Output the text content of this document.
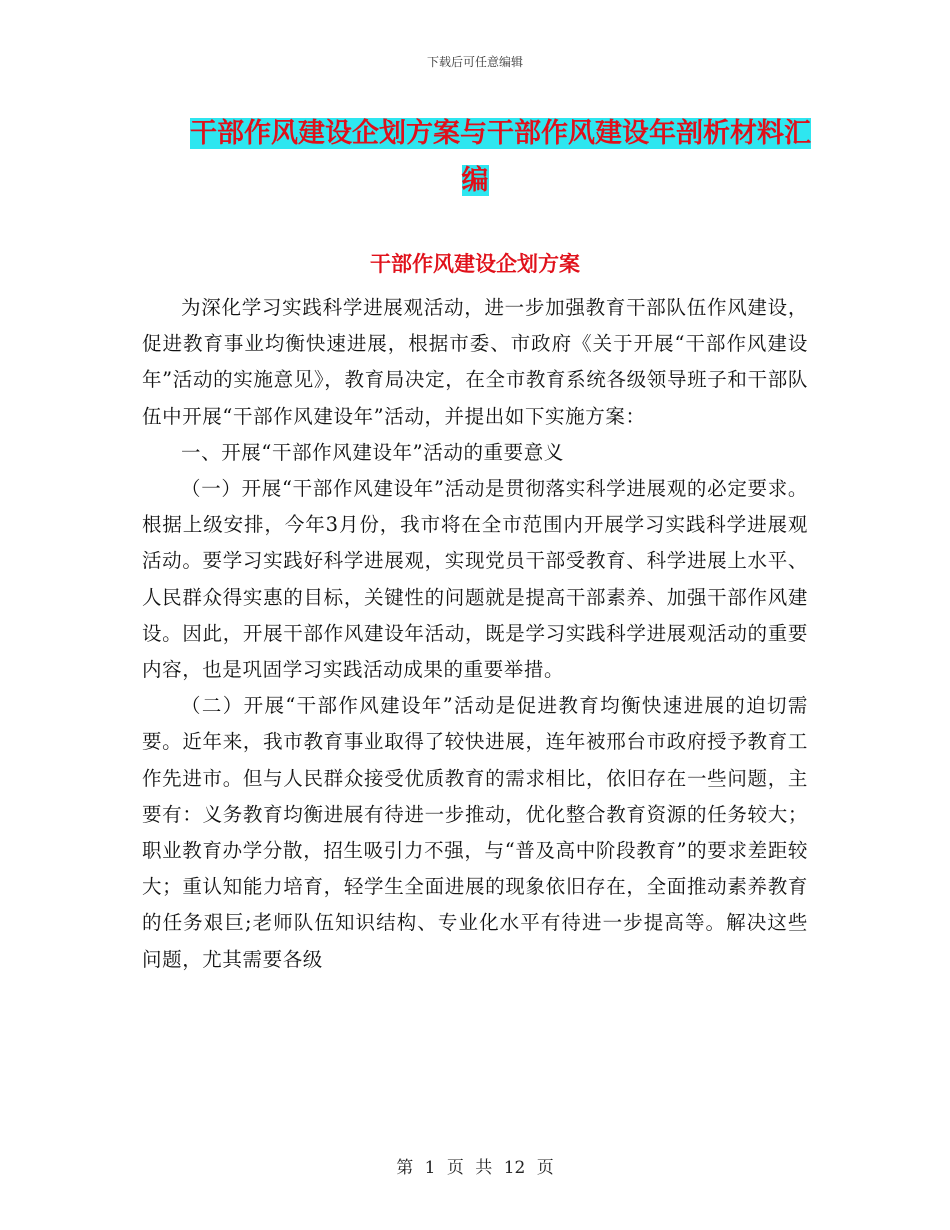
下载后可任意编辑
干部作风建设企划方案与干部作风建设年剖析材料汇
编
干部作风建设企划方案

为深化学习实践科学进展观活动，进一步加强教育干部队伍作风建设，促进教育事业均衡快速进展，根据市委、市政府《关于开展“干部作风建设年”活动的实施意见》，教育局决定，在全市教育系统各级领导班子和干部队伍中开展“干部作风建设年”活动，并提出如下实施方案：

一、开展“干部作风建设年”活动的重要意义

（一）开展“干部作风建设年”活动是贯彻落实科学进展观的必定要求。根据上级安排，今年3月份，我市将在全市范围内开展学习实践科学进展观活动。要学习实践好科学进展观，实现党员干部受教育、科学进展上水平、人民群众得实惠的目标，关键性的问题就是提高干部素养、加强干部作风建设。因此，开展干部作风建设年活动，既是学习实践科学进展观活动的重要内容，也是巩固学习实践活动成果的重要举措。

（二）开展“干部作风建设年”活动是促进教育均衡快速进展的迫切需要。近年来，我市教育事业取得了较快进展，连年被邢台市政府授予教育工作先进市。但与人民群众接受优质教育的需求相比，依旧存在一些问题，主要有：义务教育均衡进展有待进一步推动，优化整合教育资源的任务较大；职业教育办学分散，招生吸引力不强，与“普及高中阶段教育”的要求差距较大；重认知能力培育，轻学生全面进展的现象依旧存在，全面推动素养教育的任务艰巨;老师队伍知识结构、专业化水平有待进一步提高等。解决这些问题，尤其需要各级

第 1 页 共 12 页
